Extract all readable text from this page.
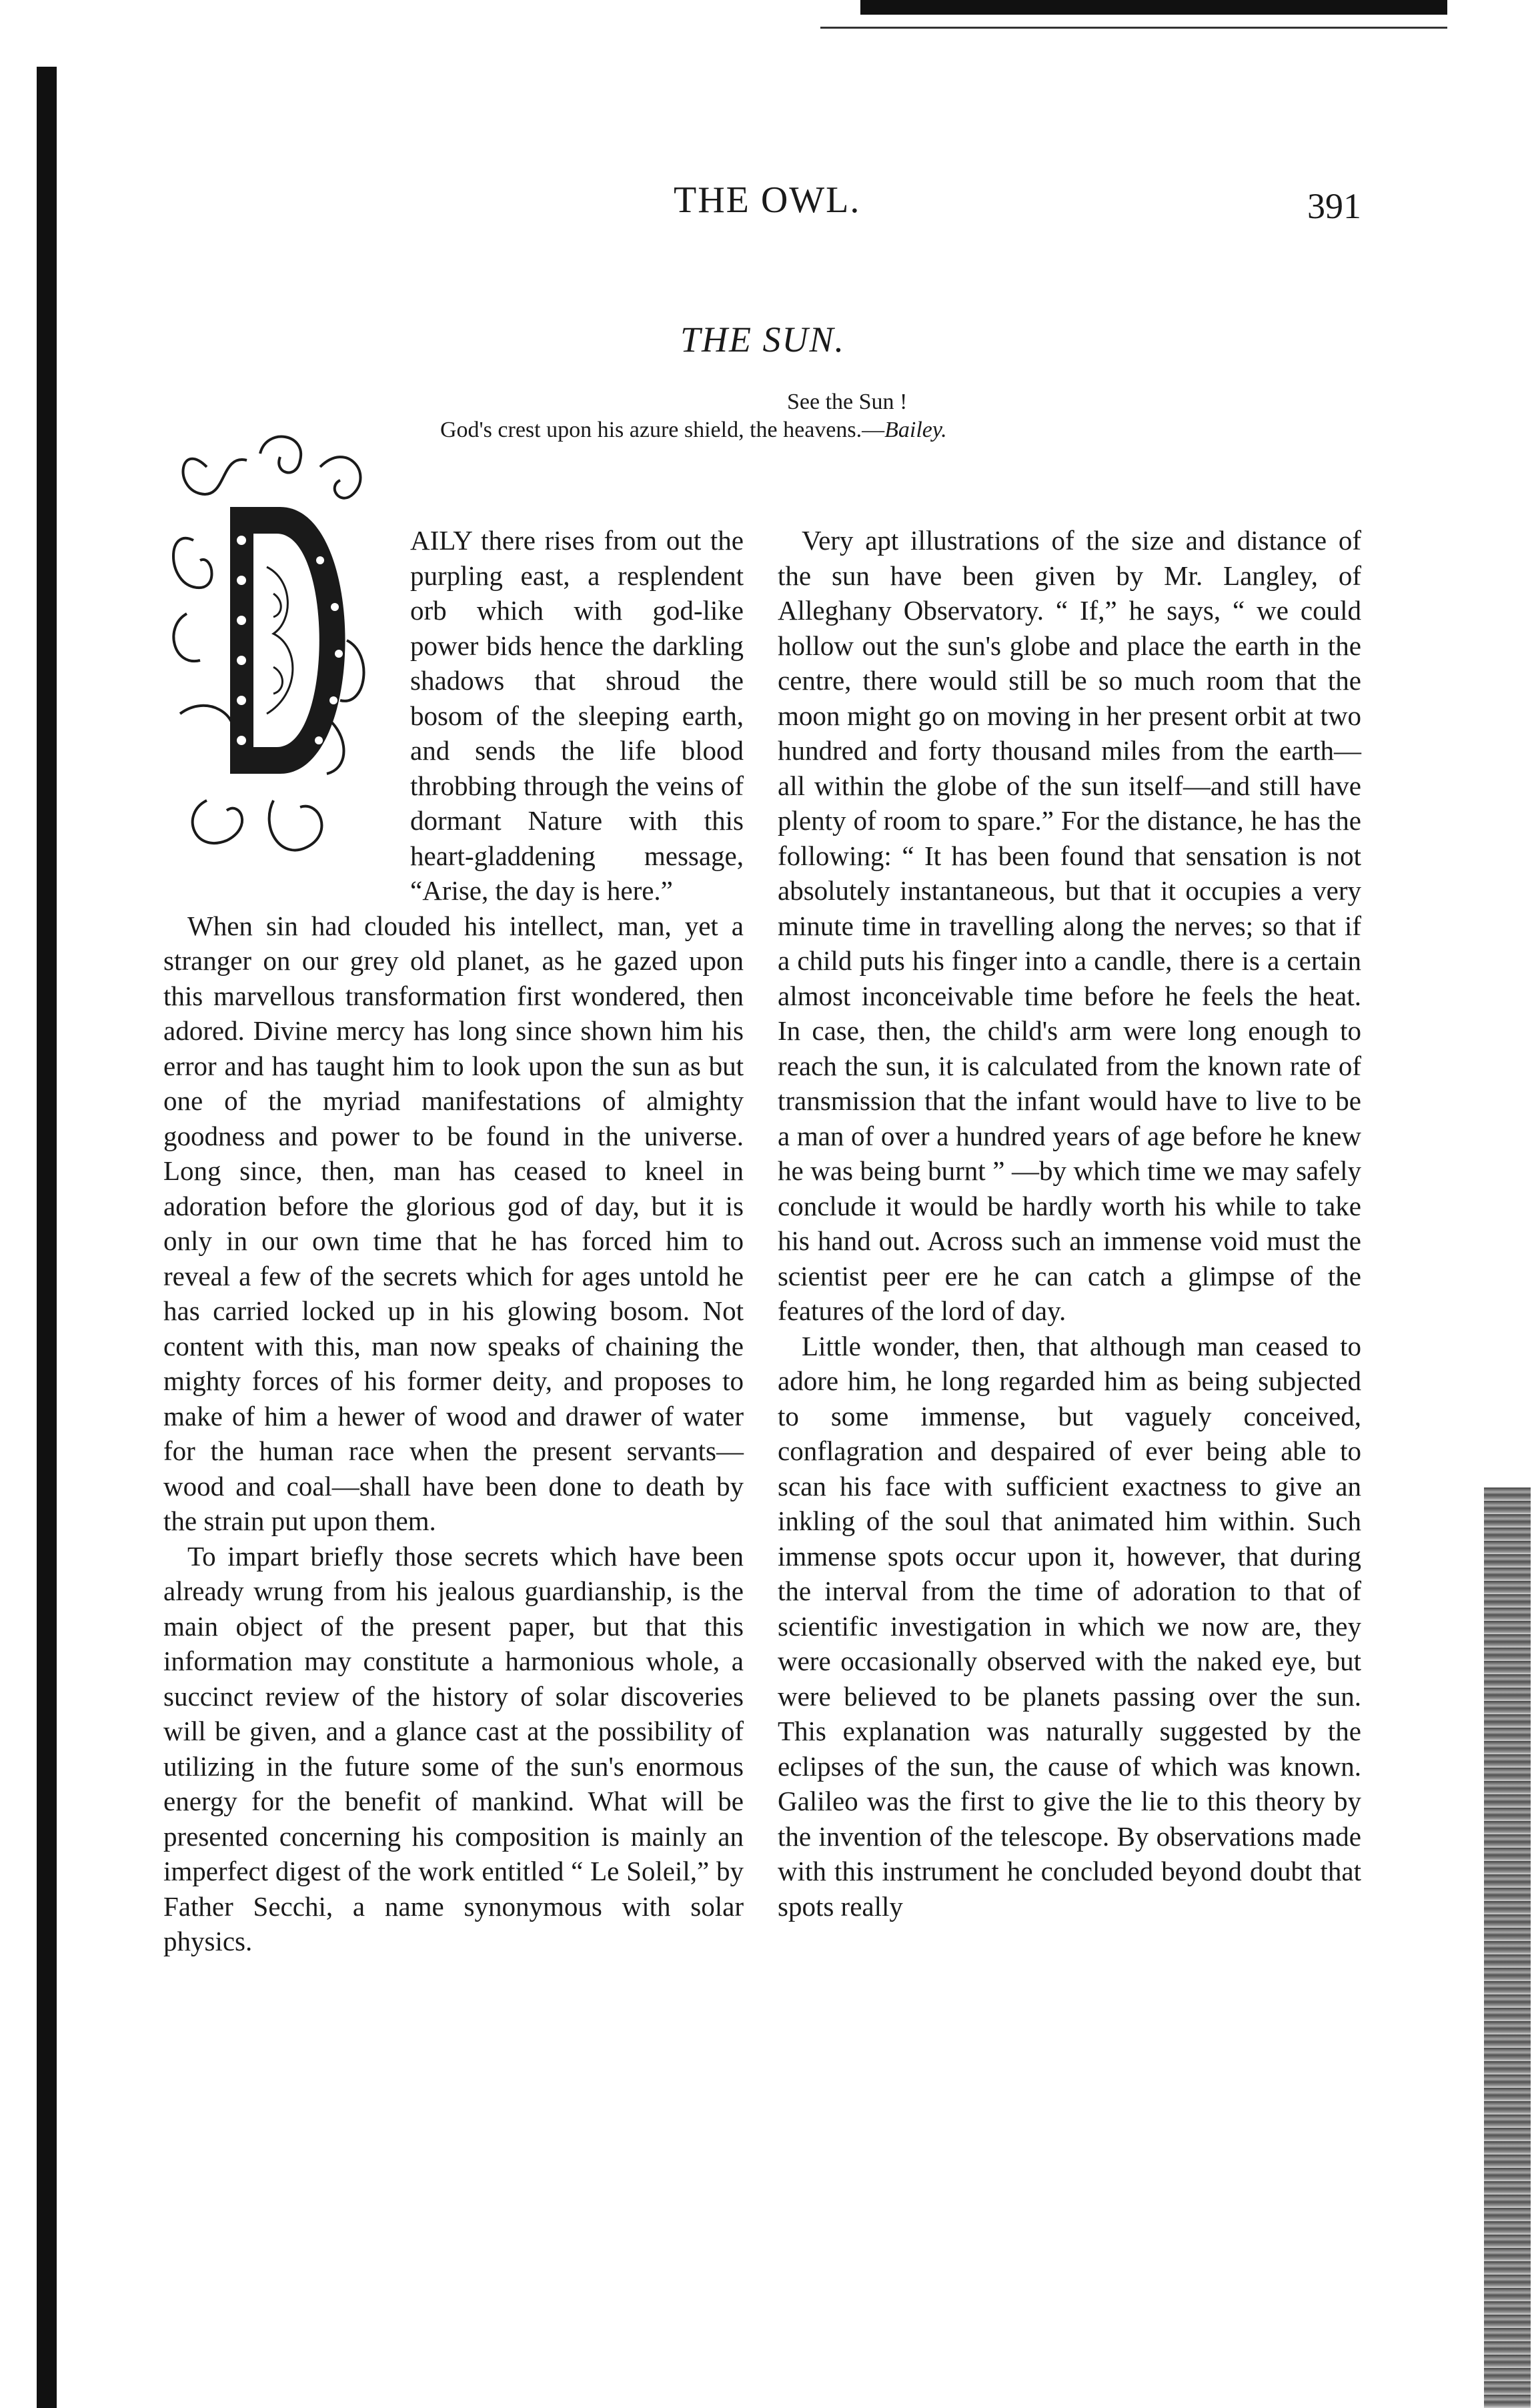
THE OWL.	391
THE SUN.
See the Sun !
God's crest upon his azure shield, the heavens.—Bailey.

AILY there rises from out the purpling east, a resplendent orb which with god-like power bids hence the darkling shadows that shroud the bosom of the sleeping earth, and sends the life blood throbbing through the veins of dormant Nature with this heart-gladdening message, “Arise, the day is here.”

When sin had clouded his intellect, man, yet a stranger on our grey old planet, as he gazed upon this marvellous transformation first wondered, then adored. Divine mercy has long since shown him his error and has taught him to look upon the sun as but one of the myriad manifestations of almighty goodness and power to be found in the universe. Long since, then, man has ceased to kneel in adoration before the glorious god of day, but it is only in our own time that he has forced him to reveal a few of the secrets which for ages untold he has carried locked up in his glowing bosom. Not content with this, man now speaks of chaining the mighty forces of his former deity, and proposes to make of him a hewer of wood and drawer of water for the human race when the present servants—wood and coal—shall have been done to death by the strain put upon them.

To impart briefly those secrets which have been already wrung from his jealous guardianship, is the main object of the present paper, but that this information may constitute a harmonious whole, a succinct review of the history of solar discoveries will be given, and a glance cast at the possibility of utilizing in the future some of the sun's enormous energy for the benefit of mankind. What will be presented concerning his composition is mainly an imperfect digest of the work entitled “ Le Soleil,” by Father Secchi, a name synonymous with solar physics.

Very apt illustrations of the size and distance of the sun have been given by Mr. Langley, of Alleghany Observatory. “ If,” he says, “ we could hollow out the sun's globe and place the earth in the centre, there would still be so much room that the moon might go on moving in her present orbit at two hundred and forty thousand miles from the earth—all within the globe of the sun itself—and still have plenty of room to spare.” For the distance, he has the following: “ It has been found that sensation is not absolutely instantaneous, but that it occupies a very minute time in travelling along the nerves; so that if a child puts his finger into a candle, there is a certain almost inconceivable time before he feels the heat. In case, then, the child's arm were long enough to reach the sun, it is calculated from the known rate of transmission that the infant would have to live to be a man of over a hundred years of age before he knew he was being burnt ” —by which time we may safely conclude it would be hardly worth his while to take his hand out. Across such an immense void must the scientist peer ere he can catch a glimpse of the features of the lord of day.

Little wonder, then, that although man ceased to adore him, he long regarded him as being subjected to some immense, but vaguely conceived, conflagration and despaired of ever being able to scan his face with sufficient exactness to give an inkling of the soul that animated him within. Such immense spots occur upon it, however, that during the interval from the time of adoration to that of scientific investigation in which we now are, they were occasionally observed with the naked eye, but were believed to be planets passing over the sun. This explanation was naturally suggested by the eclipses of the sun, the cause of which was known. Galileo was the first to give the lie to this theory by the invention of the telescope. By observations made with this instrument he concluded beyond doubt that spots really
